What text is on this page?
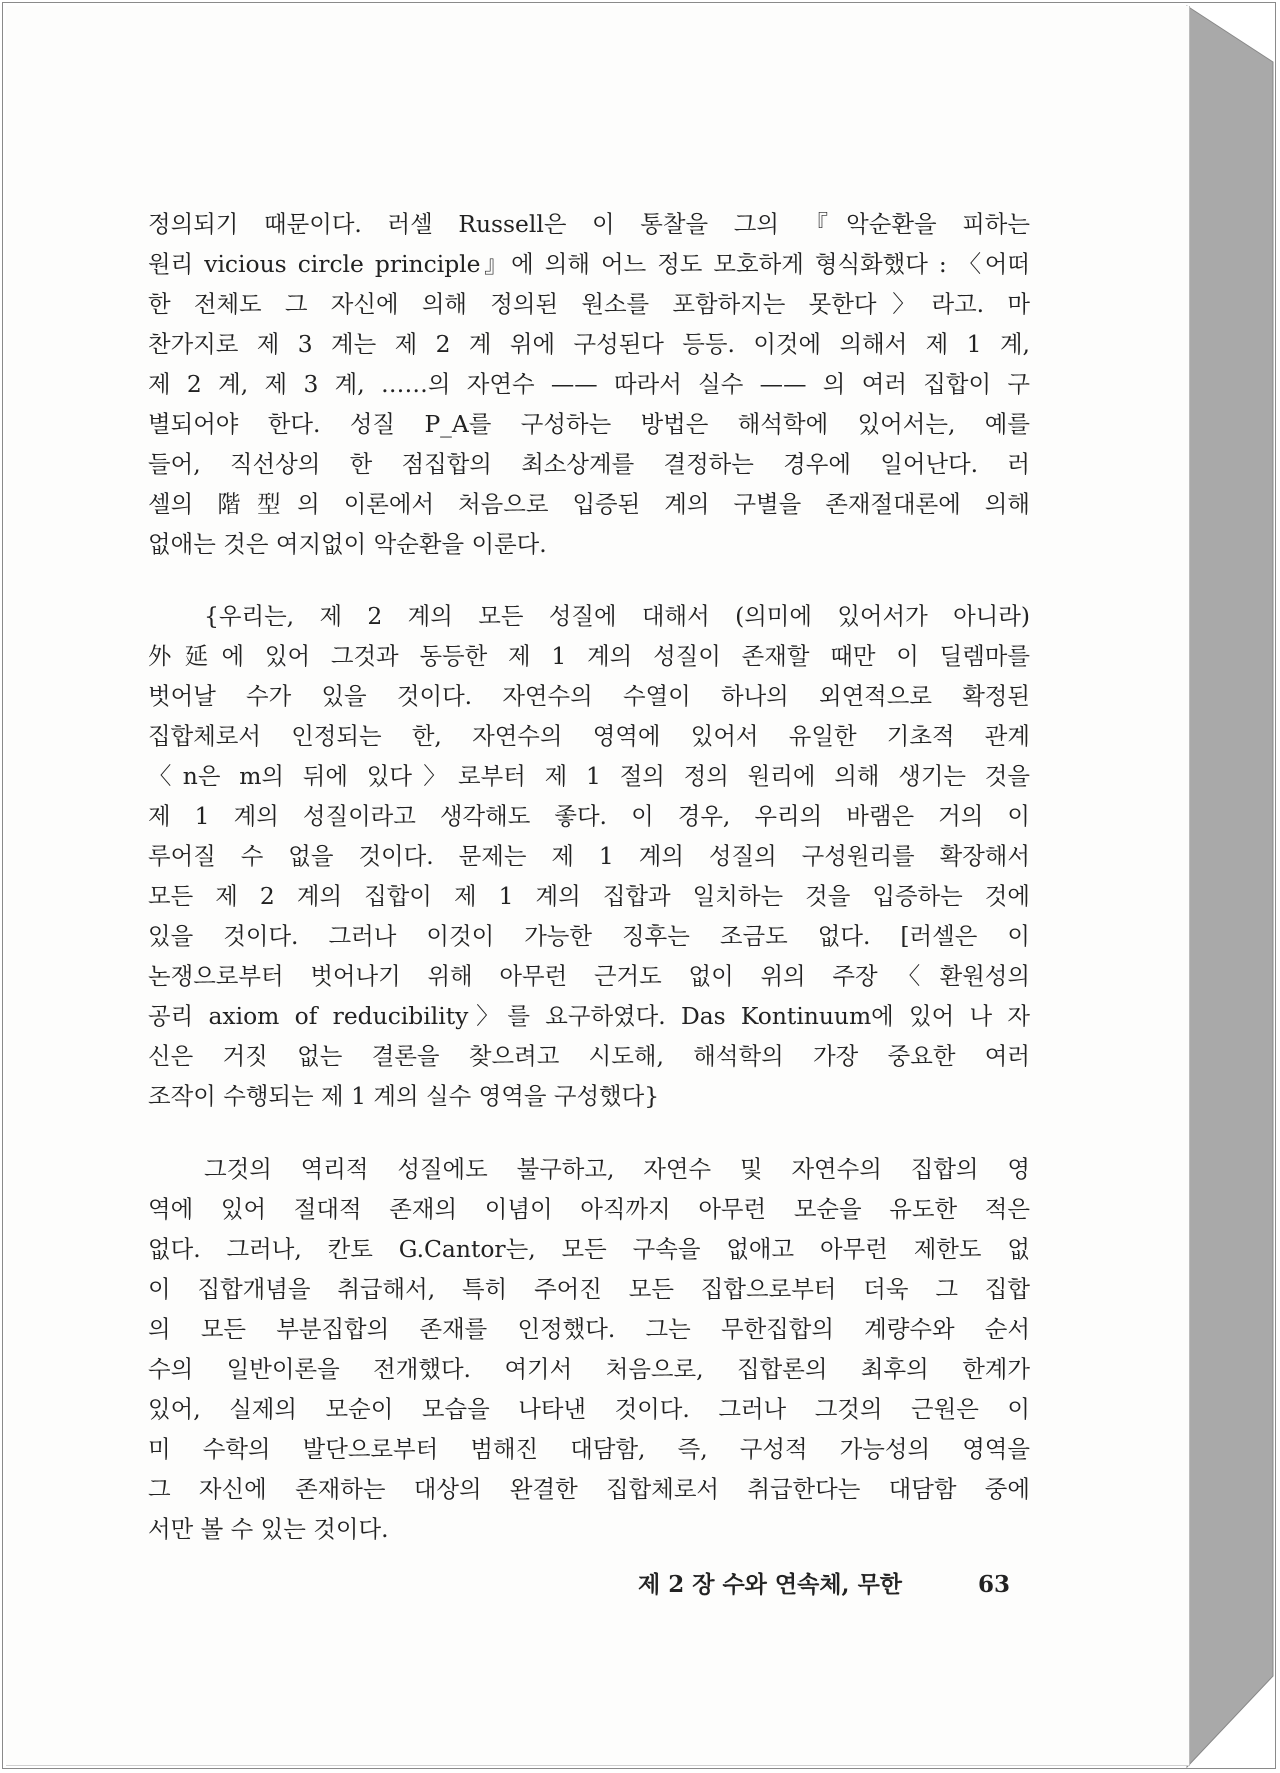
정의되기 때문이다. 러셀 Russell은 이 통찰을 그의 『악순환을 피하는
원리 vicious circle principle』에 의해 어느 정도 모호하게 형식화했다 : 〈어떠
한 전체도 그 자신에 의해 정의된 원소를 포함하지는 못한다〉라고. 마
찬가지로 제 3 계는 제 2 계 위에 구성된다 등등. 이것에 의해서 제 1 계,
제 2 계, 제 3 계, ……의 자연수 —— 따라서 실수 —— 의 여러 집합이 구
별되어야 한다. 성질 P_A를 구성하는 방법은 해석학에 있어서는, 예를
들어, 직선상의 한 점집합의 최소상계를 결정하는 경우에 일어난다. 러
셀의 階型의 이론에서 처음으로 입증된 계의 구별을 존재절대론에 의해
없애는 것은 여지없이 악순환을 이룬다.
{우리는, 제 2 계의 모든 성질에 대해서 (의미에 있어서가 아니라)
外延에 있어 그것과 동등한 제 1 계의 성질이 존재할 때만 이 딜렘마를
벗어날 수가 있을 것이다. 자연수의 수열이 하나의 외연적으로 확정된
집합체로서 인정되는 한, 자연수의 영역에 있어서 유일한 기초적 관계
〈n은 m의 뒤에 있다〉로부터 제 1 절의 정의 원리에 의해 생기는 것을
제 1 계의 성질이라고 생각해도 좋다. 이 경우, 우리의 바램은 거의 이
루어질 수 없을 것이다. 문제는 제 1 계의 성질의 구성원리를 확장해서
모든 제 2 계의 집합이 제 1 계의 집합과 일치하는 것을 입증하는 것에
있을 것이다. 그러나 이것이 가능한 징후는 조금도 없다. [러셀은 이
논쟁으로부터 벗어나기 위해 아무런 근거도 없이 위의 주장〈환원성의
공리 axiom of reducibility〉를 요구하였다. Das Kontinuum에 있어 나 자
신은 거짓 없는 결론을 찾으려고 시도해, 해석학의 가장 중요한 여러
조작이 수행되는 제 1 계의 실수 영역을 구성했다}
그것의 역리적 성질에도 불구하고, 자연수 및 자연수의 집합의 영
역에 있어 절대적 존재의 이념이 아직까지 아무런 모순을 유도한 적은
없다. 그러나, 칸토 G.Cantor는, 모든 구속을 없애고 아무런 제한도 없
이 집합개념을 취급해서, 특히 주어진 모든 집합으로부터 더욱 그 집합
의 모든 부분집합의 존재를 인정했다. 그는 무한집합의 계량수와 순서
수의 일반이론을 전개했다. 여기서 처음으로, 집합론의 최후의 한계가
있어, 실제의 모순이 모습을 나타낸 것이다. 그러나 그것의 근원은 이
미 수학의 발단으로부터 범해진 대담함, 즉, 구성적 가능성의 영역을
그 자신에 존재하는 대상의 완결한 집합체로서 취급한다는 대담함 중에
서만 볼 수 있는 것이다.
제 2 장 수와 연속체, 무한	63
